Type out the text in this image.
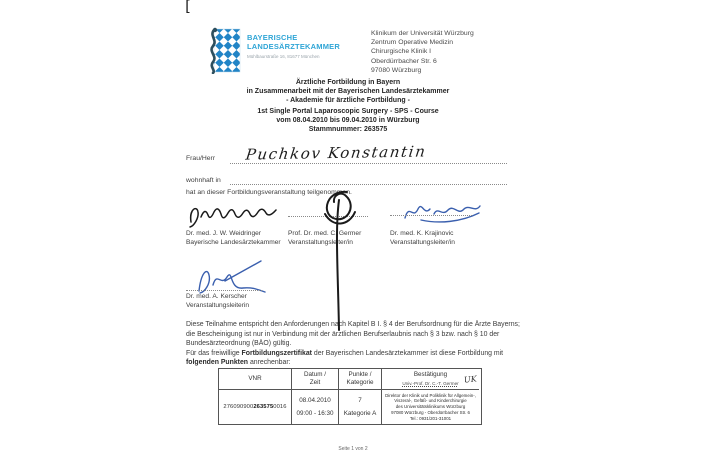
[
BAYERISCHE
LANDESÄRZTEKAMMER
Mühlbaurstraße 16, 81677 München
Klinikum der Universität Würzburg
Zentrum Operative Medizin
Chirurgische Klinik I
Oberdürrbacher Str. 6
97080 Würzburg
Ärztliche Fortbildung in Bayern
in Zusammenarbeit mit der Bayerischen Landesärztekammer
- Akademie für ärztliche Fortbildung -
1st Single Portal Laparoscopic Surgery - SPS - Course
vom 08.04.2010 bis 09.04.2010 in Würzburg
Stammnummer: 263575
Frau/Herr Puchkov Konstantin
wohnhaft in
hat an dieser Fortbildungsveranstaltung teilgenommen.
Dr. med. J. W. Weidringer
Bayerische Landesärztekammer
Prof. Dr. med. C. Germer
Veranstaltungsleiter/in
Dr. med. K. Krajinovic
Veranstaltungsleiter/in
Dr. med. A. Kerscher
Veranstaltungsleiterin

Diese Teilnahme entspricht den Anforderungen nach Kapitel B I. § 4 der Berufsordnung für die Ärzte Bayerns; die Bescheinigung ist nur in Verbindung mit der ärztlichen Berufserlaubnis nach § 3 bzw. nach § 10 der Bundesärzteordnung (BÄO) gültig.

Für das freiwillige Fortbildungszertifikat der Bayerischen Landesärztekammer ist diese Fortbildung mit folgenden Punkten anrechenbar:

VNR
Datum /
Zeit
Punkte /
Kategorie
Bestätigung
Univ.-Prof. Dr. C.-T. Germer UK
2760909002635750016
08.04.2010
09:00 - 16:30
7
Kategorie A
Direktor der Klinik und Poliklinik für Allgemein-,
Viszeral-, Gefäß- und Kinderchirurgie
des Universitätsklinikums Würzburg
97080 Würzburg - Oberdürrbacher Str. 6
Tel.: 0931/201-31001
Seite 1 von 2
